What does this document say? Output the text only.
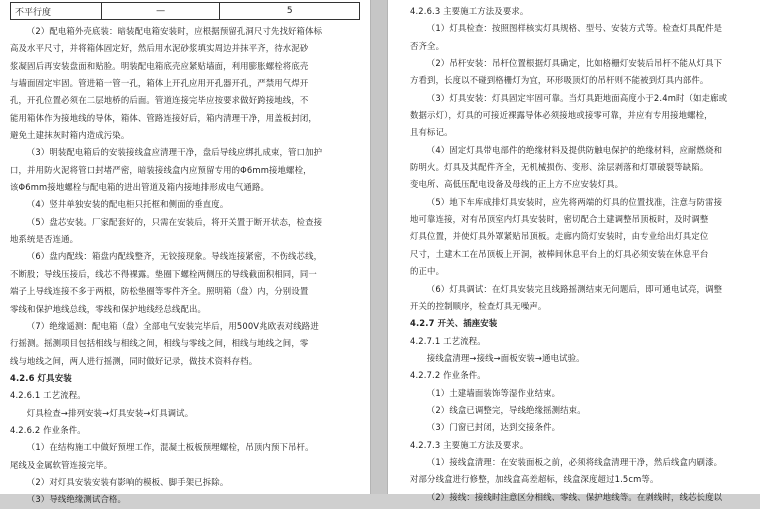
不平行度	—	5

（2）配电箱外壳底装：暗装配电箱安装时，应根据预留孔洞尺寸先找好箱体标

高及水平尺寸，并将箱体固定好，然后用水泥砂浆填实周边并抹平齐，待水泥砂

浆凝固后再安装盘面和贴脸。明装配电箱底壳应紧贴墙面，利用膨胀螺栓将底壳

与墙面固定牢固。管进箱一管一孔，箱体上开孔应用开孔器开孔，严禁用气焊开

孔，开孔位置必须在二层地桥的后面。管道连接完毕应按要求做好跨接地线，不

能用箱体作为接地线的导体，箱体、管路连接好后，箱内清理干净，用盖板封闭，

避免土建抹灰时箱内造成污染。

（3）明装配电箱后的安装接线盒应清理干净，盘后导线应绑扎成束，管口加护

口，并用防火泥将管口封堵严密，暗装接线盒内应预留专用的Φ6mm接地螺栓，

该Φ6mm接地螺栓与配电箱的进出管道及箱内接地排形成电气通路。

（4）竖井单独安装的配电柜只托框和侧面的垂直度。

（5）盘芯安装。厂家配套好的，只需在安装后，将开关置于断开状态，检查接

地系统是否连通。

（6）盘内配线：箱盘内配线整齐，无铰接现象。导线连接紧密，不伤线芯线，

不断股；导线压接后，线芯不得裸露。垫圈下螺栓两侧压的导线截面积相同，同一

端子上导线连接不多于两根，防松垫圈等零件齐全。照明箱（盘）内，分别设置

零线和保护地线总线，零线和保护地线经总线配出。

（7）绝缘遥测：配电箱（盘）全部电气安装完毕后，用500V兆欧表对线路进

行摇测。摇测项目包括相线与相线之间，相线与零线之间，相线与地线之间，零

线与地线之间，两人进行摇测，同时做好记录，做技术资料存档。

4.2.6 灯具安装

4.2.6.1 工艺流程。

灯具检查→排列安装→灯具安装→灯具调试。

4.2.6.2 作业条件。

（1）在结构施工中做好预埋工作，混凝土板板预埋螺栓，吊顶内预下吊杆。

尾线及金属软管连接完毕。

（2）对灯具安装安装有影响的模板、脚手架已拆除。

（3）导线绝缘测试合格。

4.2.6.3 主要施工方法及要求。

（1）灯具检查：按照图样核实灯具规格、型号、安装方式等。检查灯具配件是

否齐全。

（2）吊杆安装：吊杆位置根据灯具确定，比如格栅灯安装后吊杆不能从灯具下

方看到，长度以不碰到格栅灯为宜，环形吸顶灯的吊杆则不能被到灯具内部件。

（3）灯具安装：灯具固定牢固可靠。当灯具距地面高度小于2.4m时（如走廊或

数据示灯），灯具的可接近裸露导体必须接地或接零可靠，并应有专用接地螺栓，

且有标记。

（4）固定灯具带电部件的绝缘材料及提供防触电保护的绝缘材料，应耐燃烧和

防明火。灯具及其配件齐全，无机械损伤、变形、涂层剥落和灯罩破裂等缺陷。

变电所、高低压配电设备及母线的正上方不应安装灯具。

（5）地下车库成排灯具安装时，应先将两端的灯具的位置找准，注意与防雷接

地可靠连接，对有吊顶室内灯具安装时，密切配合土建调整吊顶板时，及时调整

灯具位置，并使灯具外罩紧贴吊顶板。走廊内筒灯安装时，由专业给出灯具定位

尺寸，土建木工在吊顶板上开洞，被棒间休息平台上的灯具必须安装在休息平台

的正中。

（6）灯具调试：在灯具安装完且线路摇测结束无问题后，即可通电试亮，调整

开关的控制顺序，检查灯具无噪声。

4.2.7 开关、插座安装

4.2.7.1 工艺流程。

接线盒清理→接线→面板安装→通电试验。

4.2.7.2 作业条件。

（1）土建墙面装饰等湿作业结束。

（2）线盒已调整完，导线绝缘摇测结束。

（3）门窗已封闭，达到交接条件。

4.2.7.3 主要施工方法及要求。

（1）接线盒清理：在安装面板之前，必须将线盒清理干净，然后线盒内刷漆。

对部分线盒进行修整，加线盒高差超标，线盒深度超过1.5cm等。

（2）接线：接线时注意区分相线、零线、保护地线等。在剥线时，线芯长度以
